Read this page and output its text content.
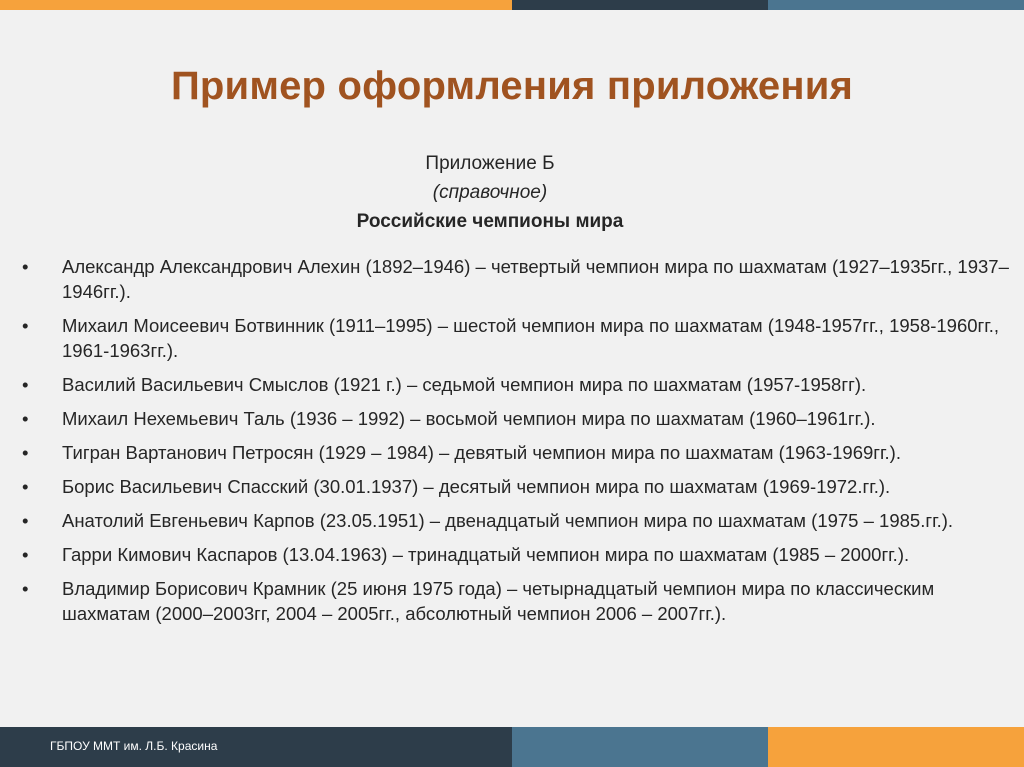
Пример оформления приложения
Приложение Б
(справочное)
Российские чемпионы мира
•	Александр Александрович Алехин (1892–1946) – четвертый чемпион мира по шахматам (1927–1935гг., 1937–1946гг.).
•	Михаил Моисеевич Ботвинник (1911–1995) – шестой чемпион мира по шахматам (1948-1957гг., 1958-1960гг., 1961-1963гг.).
•	Василий Васильевич Смыслов (1921 г.) – седьмой чемпион мира по шахматам (1957-1958гг).
•	Михаил Нехемьевич Таль (1936 – 1992) – восьмой чемпион мира по шахматам (1960–1961гг.).
•	Тигран Вартанович Петросян (1929 – 1984) – девятый чемпион мира по шахматам (1963-1969гг.).
•	Борис Васильевич Спасский (30.01.1937) – десятый чемпион мира по шахматам (1969-1972.гг.).
•	Анатолий Евгеньевич Карпов (23.05.1951) – двенадцатый чемпион мира по шахматам (1975 – 1985.гг.).
•	Гарри Кимович Каспаров (13.04.1963) – тринадцатый чемпион мира по шахматам (1985 – 2000гг.).
•	Владимир Борисович Крамник (25 июня 1975 года) – четырнадцатый чемпион мира по классическим шахматам (2000–2003гг, 2004 – 2005гг., абсолютный чемпион 2006 – 2007гг.).
ГБПОУ ММТ им. Л.Б. Красина
